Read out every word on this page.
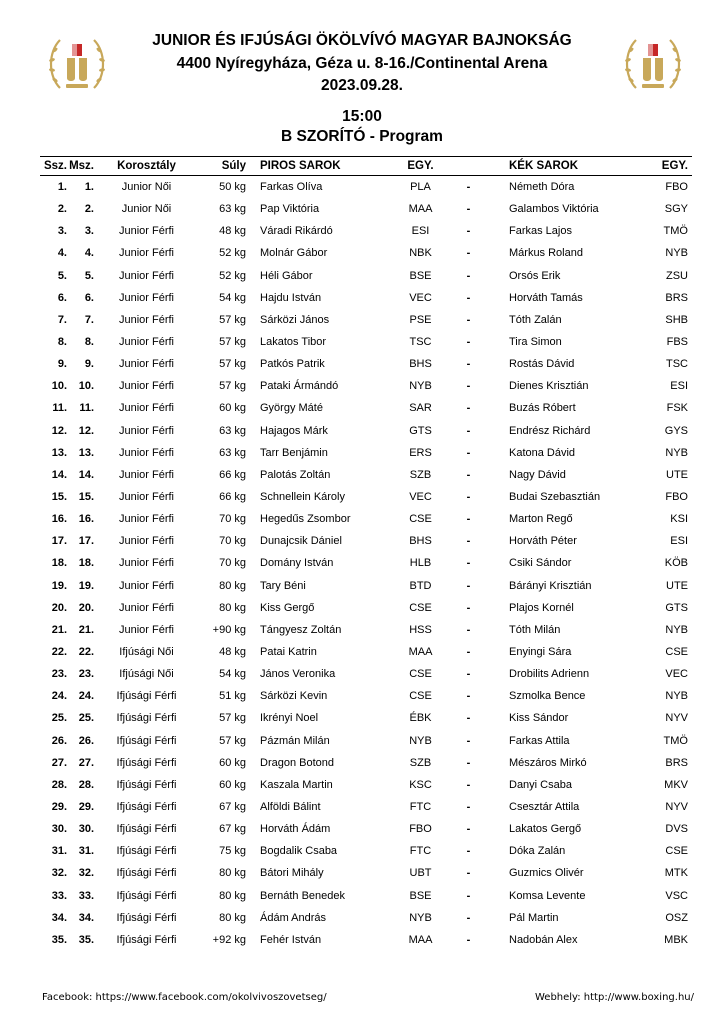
JUNIOR ÉS IFJÚSÁGI ÖKÖLVÍVÓ MAGYAR BAJNOKSÁG
4400 Nyíregyháza, Géza u. 8-16./Continental Arena
2023.09.28.
15:00
B SZORÍTÓ - Program
Ssz.	Msz.	Korosztály	Súly	PIROS SAROK	EGY.		KÉK SAROK	EGY.
1.	1.	Junior Női	50 kg	Farkas Olíva	PLA	-	Németh Dóra	FBO
2.	2.	Junior Női	63 kg	Pap Viktória	MAA	-	Galambos Viktória	SGY
3.	3.	Junior Férfi	48 kg	Váradi Rikárdó	ESI	-	Farkas Lajos	TMÖ
4.	4.	Junior Férfi	52 kg	Molnár Gábor	NBK	-	Márkus Roland	NYB
5.	5.	Junior Férfi	52 kg	Héli Gábor	BSE	-	Orsós Erik	ZSU
6.	6.	Junior Férfi	54 kg	Hajdu István	VEC	-	Horváth Tamás	BRS
7.	7.	Junior Férfi	57 kg	Sárközi János	PSE	-	Tóth Zalán	SHB
8.	8.	Junior Férfi	57 kg	Lakatos Tibor	TSC	-	Tira Simon	FBS
9.	9.	Junior Férfi	57 kg	Patkós Patrik	BHS	-	Rostás Dávid	TSC
10.	10.	Junior Férfi	57 kg	Pataki Ármándó	NYB	-	Dienes Krisztián	ESI
11.	11.	Junior Férfi	60 kg	György Máté	SAR	-	Buzás Róbert	FSK
12.	12.	Junior Férfi	63 kg	Hajagos Márk	GTS	-	Endrész Richárd	GYS
13.	13.	Junior Férfi	63 kg	Tarr Benjámin	ERS	-	Katona Dávid	NYB
14.	14.	Junior Férfi	66 kg	Palotás Zoltán	SZB	-	Nagy Dávid	UTE
15.	15.	Junior Férfi	66 kg	Schnellein Károly	VEC	-	Budai Szebasztián	FBO
16.	16.	Junior Férfi	70 kg	Hegedűs Zsombor	CSE	-	Marton Regő	KSI
17.	17.	Junior Férfi	70 kg	Dunajcsik Dániel	BHS	-	Horváth Péter	ESI
18.	18.	Junior Férfi	70 kg	Domány István	HLB	-	Csiki Sándor	KÖB
19.	19.	Junior Férfi	80 kg	Tary Béni	BTD	-	Bárányi Krisztián	UTE
20.	20.	Junior Férfi	80 kg	Kiss Gergő	CSE	-	Plajos Kornél	GTS
21.	21.	Junior Férfi	+90 kg	Tángyesz Zoltán	HSS	-	Tóth Milán	NYB
22.	22.	Ifjúsági Női	48 kg	Patai Katrin	MAA	-	Enyingi Sára	CSE
23.	23.	Ifjúsági Női	54 kg	János Veronika	CSE	-	Drobilits Adrienn	VEC
24.	24.	Ifjúsági Férfi	51 kg	Sárközi Kevin	CSE	-	Szmolka Bence	NYB
25.	25.	Ifjúsági Férfi	57 kg	Ikrényi Noel	ÉBK	-	Kiss Sándor	NYV
26.	26.	Ifjúsági Férfi	57 kg	Pázmán Milán	NYB	-	Farkas Attila	TMÖ
27.	27.	Ifjúsági Férfi	60 kg	Dragon Botond	SZB	-	Mészáros Mirkó	BRS
28.	28.	Ifjúsági Férfi	60 kg	Kaszala Martin	KSC	-	Danyi Csaba	MKV
29.	29.	Ifjúsági Férfi	67 kg	Alföldi Bálint	FTC	-	Csesztár Attila	NYV
30.	30.	Ifjúsági Férfi	67 kg	Horváth Ádám	FBO	-	Lakatos Gergő	DVS
31.	31.	Ifjúsági Férfi	75 kg	Bogdalik Csaba	FTC	-	Dóka Zalán	CSE
32.	32.	Ifjúsági Férfi	80 kg	Bátori Mihály	UBT	-	Guzmics Olivér	MTK
33.	33.	Ifjúsági Férfi	80 kg	Bernáth Benedek	BSE	-	Komsa Levente	VSC
34.	34.	Ifjúsági Férfi	80 kg	Ádám András	NYB	-	Pál Martin	OSZ
35.	35.	Ifjúsági Férfi	+92 kg	Fehér István	MAA	-	Nadobán Alex	MBK
Facebook: https://www.facebook.com/okolvivoszovetseg/	Webhely: http://www.boxing.hu/
